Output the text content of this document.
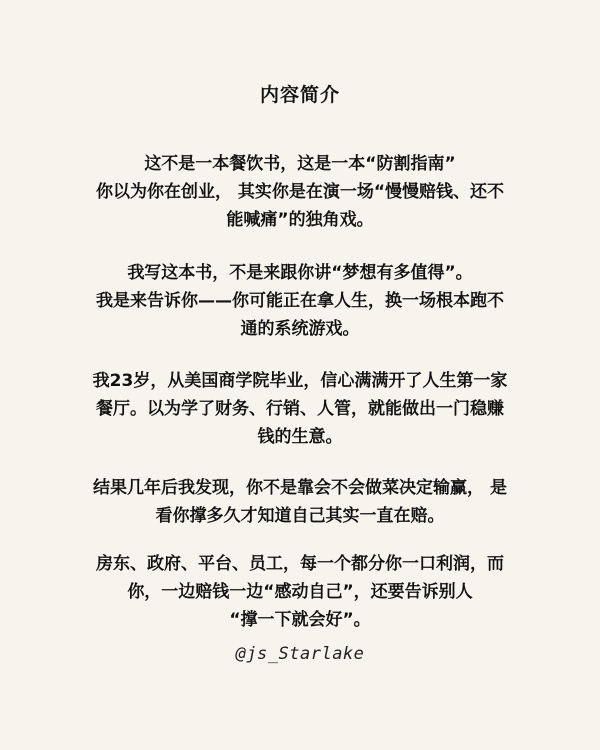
内容简介
这不是一本餐饮书，这是一本“防割指南”
你以为你在创业， 其实你是在演一场“慢慢赔钱、还不
能喊痛”的独角戏。
我写这本书，不是来跟你讲“梦想有多值得”。
我是来告诉你——你可能正在拿人生，换一场根本跑不
通的系统游戏。
我23岁，从美国商学院毕业，信心满满开了人生第一家
餐厅。以为学了财务、行销、人管，就能做出一门稳赚
钱的生意。
结果几年后我发现，你不是靠会不会做菜决定输赢， 是
看你撑多久才知道自己其实一直在赔。
房东、政府、平台、员工，每一个都分你一口利润，而
你，一边赔钱一边“感动自己”，还要告诉别人
“撑一下就会好”。
@js_Starlake
